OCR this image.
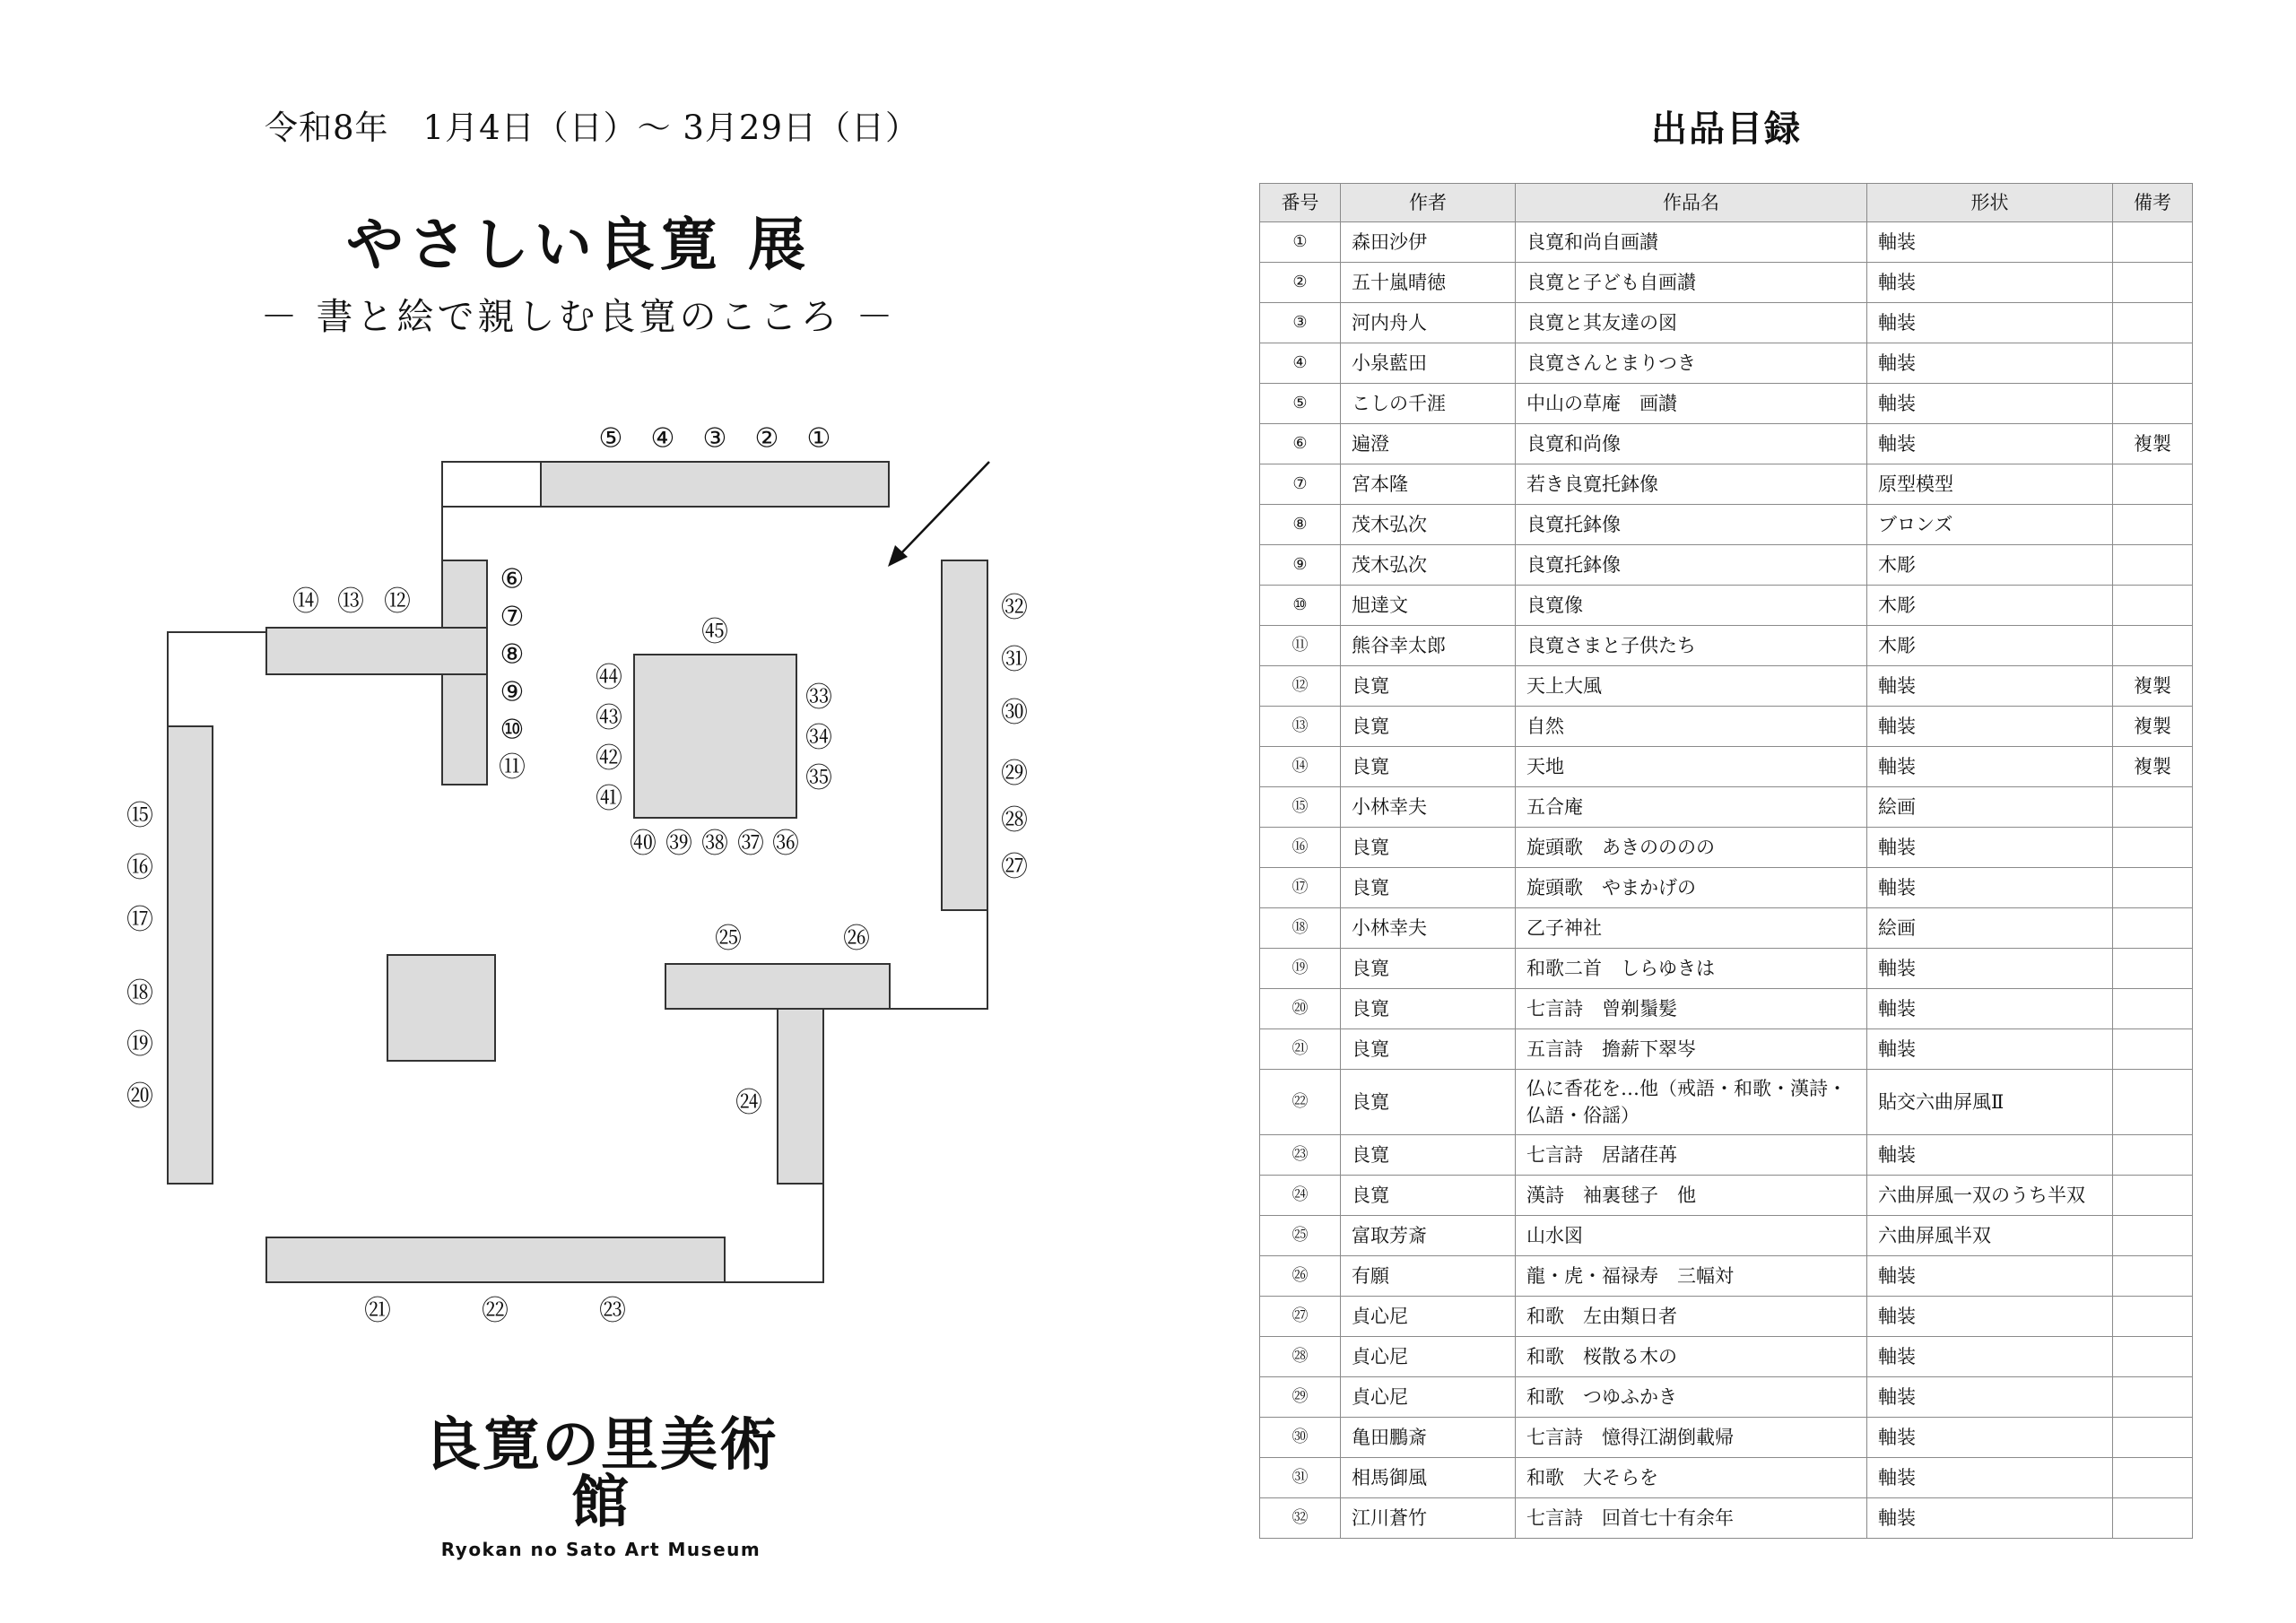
令和8年　1月4日（日）～ 3月29日（日）
やさしい良寛 展
－ 書と絵で親しむ良寛のこころ －
①
②
③
④
⑤
⑥
⑦
⑧
⑨
⑩
⑪
⑫
⑬
⑭
⑮
⑯
⑰
⑱
⑲
⑳
㉑	㉒	㉓
㉔
㉕	㉖
㉗
㉘
㉙
㉚
㉛
㉜
㉝
㉞
㉟
㊱
㊲
㊳
㊴
㊵
㊶
㊷
㊸
㊹
㊺
良寛の里美術館
Ryokan no Sato Art Museum
出品目録
番号	作者	作品名	形状	備考
①	森田沙伊	良寛和尚自画讃	軸装	
②	五十嵐晴徳	良寛と子ども自画讃	軸装	
③	河内舟人	良寛と其友達の図	軸装	
④	小泉藍田	良寛さんとまりつき	軸装	
⑤	こしの千涯	中山の草庵　画讃	軸装	
⑥	遍澄	良寛和尚像	軸装	複製
⑦	宮本隆	若き良寛托鉢像	原型模型	
⑧	茂木弘次	良寛托鉢像	ブロンズ	
⑨	茂木弘次	良寛托鉢像	木彫	
⑩	旭達文	良寛像	木彫	
⑪	熊谷幸太郎	良寛さまと子供たち	木彫	
⑫	良寛	天上大風	軸装	複製
⑬	良寛	自然	軸装	複製
⑭	良寛	天地	軸装	複製
⑮	小林幸夫	五合庵	絵画	
⑯	良寛	旋頭歌　あきのののの	軸装	
⑰	良寛	旋頭歌　やまかげの	軸装	
⑱	小林幸夫	乙子神社	絵画	
⑲	良寛	和歌二首　しらゆきは	軸装	
⑳	良寛	七言詩　曾剃鬚髪	軸装	
㉑	良寛	五言詩　擔薪下翠岑	軸装	
㉒	良寛	仏に香花を…他（戒語・和歌・漢詩・仏語・俗謡）	貼交六曲屏風Ⅱ	
㉓	良寛	七言詩　居諸荏苒	軸装	
㉔	良寛	漢詩　袖裏毬子　他	六曲屏風一双のうち半双	
㉕	富取芳斎	山水図	六曲屏風半双	
㉖	有願	龍・虎・福禄寿　三幅対	軸装	
㉗	貞心尼	和歌　左由類日者	軸装	
㉘	貞心尼	和歌　桜散る木の	軸装	
㉙	貞心尼	和歌　つゆふかき	軸装	
㉚	亀田鵬斎	七言詩　憶得江湖倒載帰	軸装	
㉛	相馬御風	和歌　大そらを	軸装	
㉜	江川蒼竹	七言詩　回首七十有余年	軸装	
